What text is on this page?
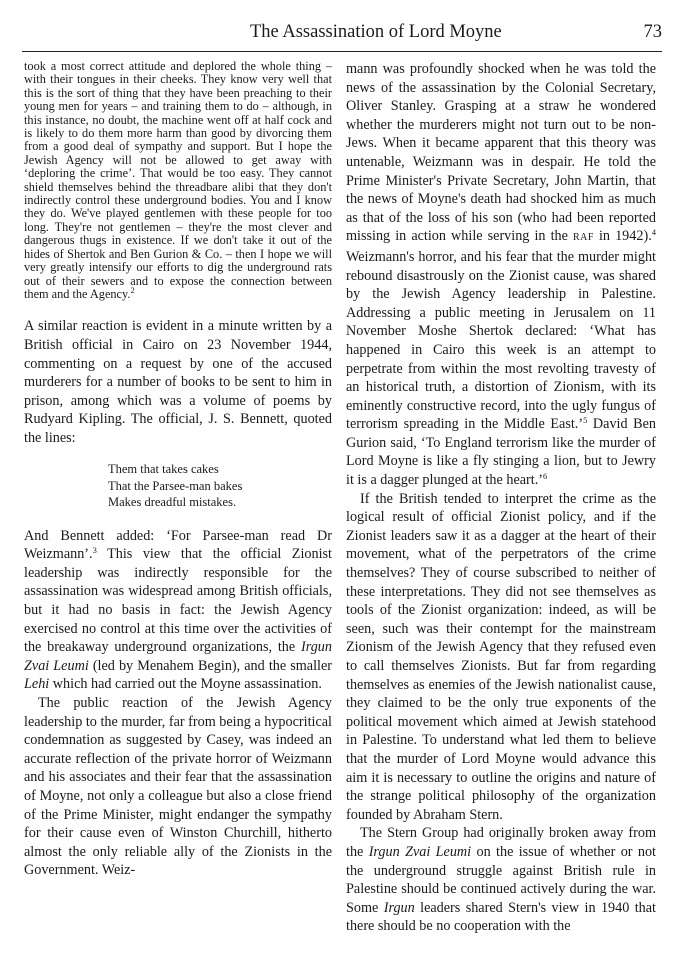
The Assassination of Lord Moyne	73

took a most correct attitude and deplored the whole thing – with their tongues in their cheeks. They know very well that this is the sort of thing that they have been preaching to their young men for years – and training them to do – although, in this instance, no doubt, the machine went off at half cock and is likely to do them more harm than good by divorcing them from a good deal of sympathy and support. But I hope the Jewish Agency will not be allowed to get away with ‘deploring the crime’. That would be too easy. They cannot shield themselves behind the threadbare alibi that they don't indirectly control these underground bodies. You and I know they do. We've played gentlemen with these people for too long. They're not gentlemen – they're the most clever and dangerous thugs in existence. If we don't take it out of the hides of Shertok and Ben Gurion & Co. – then I hope we will very greatly intensify our efforts to dig the underground rats out of their sewers and to expose the connection between them and the Agency.$^2$

A similar reaction is evident in a minute written by a British official in Cairo on 23 November 1944, commenting on a request by one of the accused murderers for a number of books to be sent to him in prison, among which was a volume of poems by Rudyard Kipling. The official, J. S. Bennett, quoted the lines:

Them that takes cakes
That the Parsee-man bakes
Makes dreadful mistakes.

And Bennett added: ‘For Parsee-man read Dr Weizmann’.$^3$ This view that the official Zionist leadership was indirectly responsible for the assassination was widespread among British officials, but it had no basis in fact: the Jewish Agency exercised no control at this time over the activities of the breakaway underground organizations, the Irgun Zvai Leumi (led by Menahem Begin), and the smaller Lehi which had carried out the Moyne assassination.

The public reaction of the Jewish Agency leadership to the murder, far from being a hypocritical condemnation as suggested by Casey, was indeed an accurate reflection of the private horror of Weizmann and his associates and their fear that the assassination of Moyne, not only a colleague but also a close friend of the Prime Minister, might endanger the sympathy for their cause even of Winston Churchill, hitherto almost the only reliable ally of the Zionists in the Government. Weiz-

mann was profoundly shocked when he was told the news of the assassination by the Colonial Secretary, Oliver Stanley. Grasping at a straw he wondered whether the murderers might not turn out to be non-Jews. When it became apparent that this theory was untenable, Weizmann was in despair. He told the Prime Minister's Private Secretary, John Martin, that the news of Moyne's death had shocked him as much as that of the loss of his son (who had been reported missing in action while serving in the RAF in 1942).$^4$ Weizmann's horror, and his fear that the murder might rebound disastrously on the Zionist cause, was shared by the Jewish Agency leadership in Palestine. Addressing a public meeting in Jerusalem on 11 November Moshe Shertok declared: ‘What has happened in Cairo this week is an attempt to perpetrate from within the most revolting travesty of an historical truth, a distortion of Zionism, with its eminently constructive record, into the ugly fungus of terrorism spreading in the Middle East.’$^5$ David Ben Gurion said, ‘To England terrorism like the murder of Lord Moyne is like a fly stinging a lion, but to Jewry it is a dagger plunged at the heart.’$^6$

If the British tended to interpret the crime as the logical result of official Zionist policy, and if the Zionist leaders saw it as a dagger at the heart of their movement, what of the perpetrators of the crime themselves? They of course subscribed to neither of these interpretations. They did not see themselves as tools of the Zionist organization: indeed, as will be seen, such was their contempt for the mainstream Zionism of the Jewish Agency that they refused even to call themselves Zionists. But far from regarding themselves as enemies of the Jewish nationalist cause, they claimed to be the only true exponents of the political movement which aimed at Jewish statehood in Palestine. To understand what led them to believe that the murder of Lord Moyne would advance this aim it is necessary to outline the origins and nature of the strange political philosophy of the organization founded by Abraham Stern.

The Stern Group had originally broken away from the Irgun Zvai Leumi on the issue of whether or not the underground struggle against British rule in Palestine should be continued actively during the war. Some Irgun leaders shared Stern's view in 1940 that there should be no cooperation with the
